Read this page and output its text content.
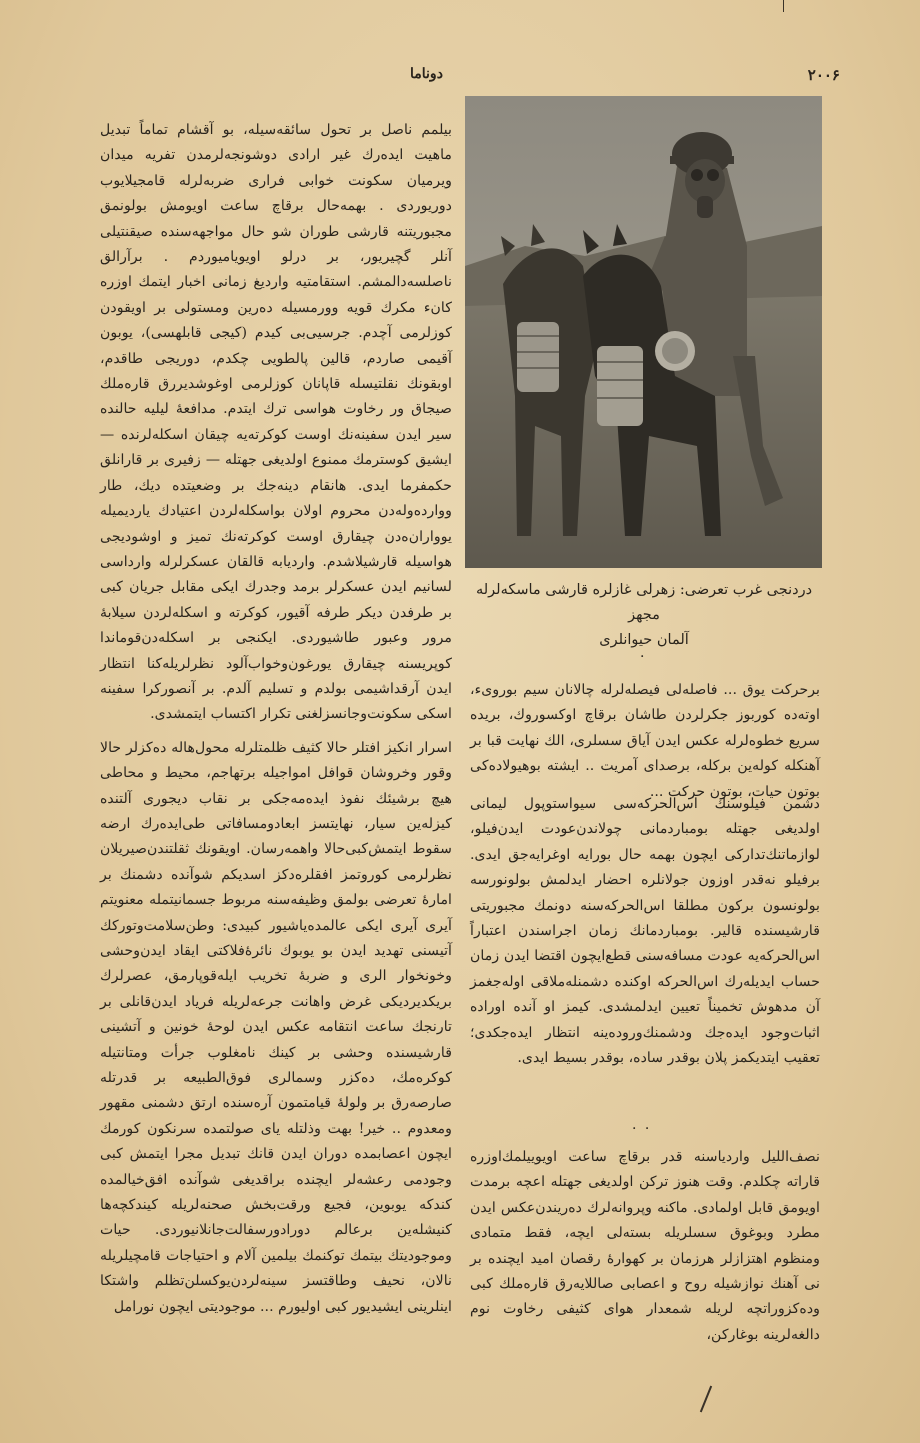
۲۰۰۶
دوناما

بیلمم ناصل بر تحول سائقه‌سیله، بو آقشام تماماً تبدیل ماهیت ایده‌رك غیر ارادی دوشونجه‌لرمدن تفریه میدان ویرمیان سکونت خوابی فراری ضربه‌لرله قامجیلایوب دوریوردی . بهمه‌حال برقاچ ساعت اویومش بولونمق مجبوریتنه قارشی طوران شو حال مواجهه‌سنده صیقنتیلی آنلر گچیریور، بر درلو اویویامیوردم . برآرالق ناصلسه‌دالمشم. استقامتیه واردیغ زمانی اخبار ایتمك اوزره کانء مکرك قویه وورمسیله دەرین ومستولی بر اویقودن کوزلرمی آچدم. جرسیی‌بی کیدم (کیجی قابلهسی)، یوبون آقیمی صاردم، قالین پالطویی چکدم، دوریجی طاقدم، اوبقونك نقلتیسله قاپانان کوزلرمی اوغوشدیررق قارەملك صیجاق ور رخاوت هواسی ترك ایتدم. مدافعهٔ لیلیه حالنده سیر ایدن سفینه‌نك اوست کوکرته‌یه چیقان اسکله‌لرنده — ایشیق کوسترمك ممنوع اولدیغی جهتله — زفیری بر قارانلق حکمفرما ایدی. هانقام دینه‌جك بر وضعیتده دیك، طار وواردەوله‌دن محروم اولان بواسکله‌لردن اعتیادك یاردیمیله یوواران‌ەدن چیقارق اوست کوکرته‌نك تمیز و اوشودیجی هواسیله قارشیلاشدم. واردیابه قالقان عسکرلرله وارداسی لسانیم ایدن عسکرلر برمد وجدرك ایکی مقابل جریان کبی بر طرفدن دیکر طرفه آقیور، کوکرته و اسکله‌لردن سیلابهٔ مرور وعبور طاشیوردی. ایکنجی بر اسکله‌دن‌قوماندا کوپریسنه چیقارق یورغون‌وخواب‌آلود نظرلریله‌کنا انتظار ایدن آرقداشیمی بولدم و تسلیم آلدم. بر آنصورکرا سفینه اسکی سکونت‌وجانسزلغنی تکرار اکتساب ایتمشدی.

اسرار انکیز افتلر حالا کثیف ظلمتلرله محول‌هاله دەکزلر حالا وقور وخروشان قوافل امواجیله برتهاجم، محیط و محاطی هیچ برشیئك نفوذ ایده‌مه‌جکی بر نقاب دیجوری آلتنده کیزله‌ین سیار، نهایتسز ابعادومسافاتی طی‌ایده‌رك ارضه سقوط ایتمش‌کبی‌حالا واهمه‌رسان. اویقونك ثقلتندن‌صیریلان نظرلرمی کوروتمز افقلره‌دکز اسدیکم شوآنده دشمنك بر امارهٔ تعرضی بولمق وظیفه‌سنه مربوط جسمانیتمله معنویتم آیری آیری ایکی عالمده‌یاشیور کبیدی: وطن‌سلامت‌وتورکك آتیسنی تهدید ایدن بو یوبوك نائرهٔ‌فلاکتی ایقاد ایدن‌وحشی وخونخوار الری و ضربهٔ تخریب ایله‌قوپارمق، عصرلرك بریکدیردیکی غرض واهانت جرعه‌لریله فریاد ایدن‌قانلی بر تارنجك ساعت انتقامه عکس ایدن لوحهٔ خونین و آتشینی قارشیسنده وحشی بر کینك نامغلوب جرأت ومتانتیله کوکره‌مك، دەکزر وسمالری فوق‌الطبیعه بر قدرتله صارصەرق بر ولوله‌ٔ قیامتمون آره‌سنده ارتق دشمنی مقهور ومعدوم .. خیر! بهت وذلتله یای صولتمده سرنکون کورمك ایچون اعصابمده دوران ایدن قانك تبدیل مجرا ایتمش کبی وجودمی رعشه‌لر ایچنده براقدیغی شوآنده افق‌خیالمده کندکه یوبوین، فجیع ورقت‌بخش صحنه‌لریله کیندکچه‌ها کنیشله‌ین برعالم دورادورسفالت‌جانلانیوردی. حیات وموجودیتك بیتمك توکنمك بیلمین آلام و احتیاجات قامچیلریله نالان، نحیف وطاقتسز سینه‌لردن‌یوکسلن‌تظلم واشتکا اینلرینی ایشیدیور کبی اولیورم ... موجودیتی ایچون نورامل

دردنجی غرب تعرضی: زهرلی غازلره قارشی ماسکه‌لرله مجهز
آلمان حیوانلری
·

برحرکت یوق ... فاصله‌لی فیصله‌لرله چالانان سیم بورویء، اوته‌ده کوربوز جکرلردن طاشان برقاچ اوکسوروك، بریده سریع خطوه‌لرله عکس ایدن آیاق سسلری، الك نهایت قبا بر آهنکله کوله‌ین برکله، برصدای آمریت .. ایشته بوهیولاده‌کی بوتون حیات، بوتون حرکت ...

دشمن فیلوسنك اس‌الحرکه‌سی سیواستوپول لیمانی اولدیغی جهتله بومباردمانی چولاندن‌عودت ایدن‌فیلو، لوازماتنك‌تدارکی ایچون بهمه حال بورایه اوغرایه‌جق ایدی. برفیلو نه‌قدر اوزون جولانلره احضار ایدلمش بولونورسه بولونسون برکون مطلقا اس‌الحرکه‌سنه دونمك مجبوریتی قارشیسنده قالیر. بومباردمانك زمان اجراسندن اعتباراً اس‌الحرکه‌یه عودت مسافه‌سنی قطع‌ایچون اقتضا ایدن زمان حساب ایدیله‌رك اس‌الحرکه اوکنده دشمنله‌ملاقی اوله‌جغمز آن مدهوش تخمیناً تعیین ایدلمشدی. کیمز او آنده اوراده اثبات‌وجود ایده‌جك ودشمنك‌وروده‌ینه انتظار ایده‌جکدی؛ تعقیب ایتدیکمز پلان بوقدر ساده، بوقدر بسیط ایدی.

· ·

نصف‌اللیل واردیاسنه قدر برقاچ ساعت اویوییلمك‌اوزره قاراته چکلدم. وقت هنوز ترکن اولدیغی جهتله اعچه برمدت اویومق قابل اولمادی. ماکنه وپروانه‌لرك دەریندن‌عکس ایدن مطرد وبوغوق سسلریله بستە‌لی ایچە، فقط متمادی ومنظوم اهتزازلر هرزمان بر کهوارهٔ رقصان امید ایچنده بر نی آهنك نوازشیله روح و اعصابی صاللایه‌رق قارەملك کبی وده‌کزوراتچه لریله شمعدار هوای کثیفی رخاوت نوم دالغه‌لرینه بوغارکن،
